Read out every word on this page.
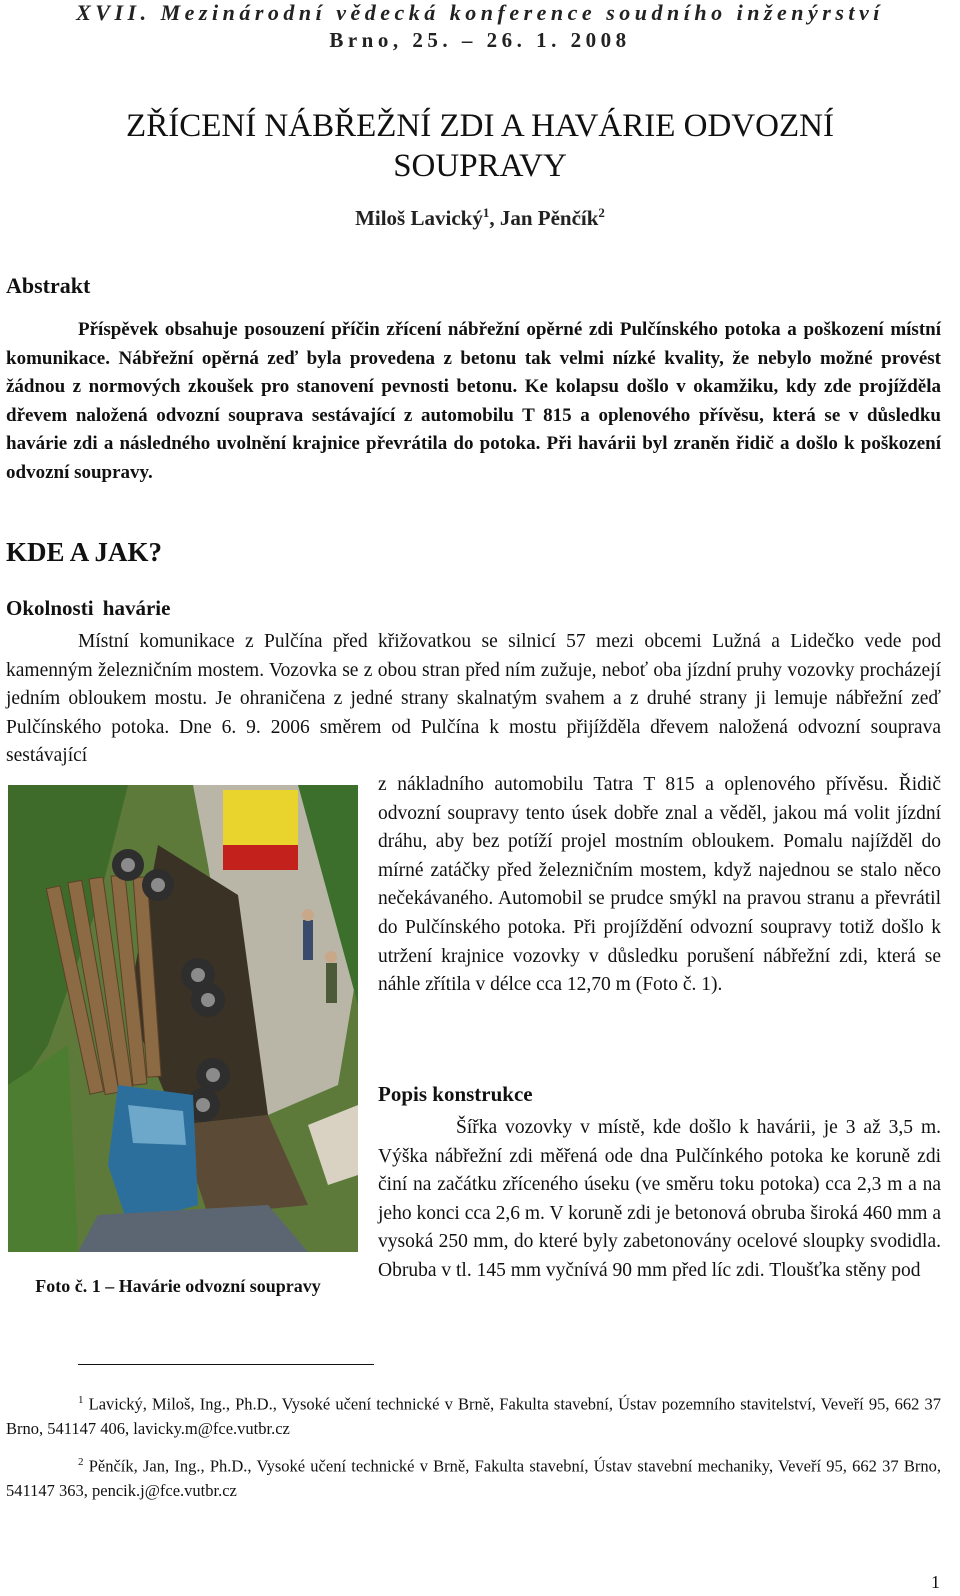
XVII. Mezinárodní vědecká konference soudního inženýrství
Brno, 25. – 26. 1. 2008
ZŘÍCENÍ NÁBŘEŽNÍ ZDI A HAVÁRIE ODVOZNÍ SOUPRAVY
Miloš Lavický$^1$, Jan Pěnčík$^2$
Abstrakt
Příspěvek obsahuje posouzení příčin zřícení nábřežní opěrné zdi Pulčínského potoka a poškození místní komunikace. Nábřežní opěrná zeď byla provedena z betonu tak velmi nízké kvality, že nebylo možné provést žádnou z normových zkoušek pro stanovení pevnosti betonu. Ke kolapsu došlo v okamžiku, kdy zde projížděla dřevem naložená odvozní souprava sestávající z automobilu T 815 a oplenového přívěsu, která se v důsledku havárie zdi a následného uvolnění krajnice převrátila do potoka. Při havárii byl zraněn řidič a došlo k poškození odvozní soupravy.
KDE A JAK?
Okolnosti havárie
Místní komunikace z Pulčína před křižovatkou se silnicí 57 mezi obcemi Lužná a Lidečko vede pod kamenným železničním mostem. Vozovka se z obou stran před ním zužuje, neboť oba jízdní pruhy vozovky procházejí jedním obloukem mostu. Je ohraničena z jedné strany skalnatým svahem a z druhé strany ji lemuje nábřežní zeď Pulčínského potoka. Dne 6. 9. 2006 směrem od Pulčína k mostu přijížděla dřevem naložená odvozní souprava sestávající
Foto č. 1 – Havárie odvozní soupravy
z nákladního automobilu Tatra T 815 a oplenového přívěsu. Řidič odvozní soupravy tento úsek dobře znal a věděl, jakou má volit jízdní dráhu, aby bez potíží projel mostním obloukem. Pomalu najížděl do mírné zatáčky před železničním mostem, když najednou se stalo něco nečekávaného. Automobil se prudce smýkl na pravou stranu a převrátil do Pulčínského potoka. Při projíždění odvozní soupravy totiž došlo k utržení krajnice vozovky v důsledku porušení nábřežní zdi, která se náhle zřítila v délce cca 12,70 m (Foto č. 1).
Popis konstrukce
Šířka vozovky v místě, kde došlo k havárii, je 3 až 3,5 m. Výška nábřežní zdi měřená ode dna Pulčínkého potoka ke koruně zdi činí na začátku zříceného úseku (ve směru toku potoka) cca 2,3 m a na jeho konci cca 2,6 m. V koruně zdi je betonová obruba široká 460 mm a vysoká 250 mm, do které byly zabetonovány ocelové sloupky svodidla. Obruba v tl. 145 mm vyčnívá 90 mm před líc zdi. Tloušťka stěny pod
$^1$ Lavický, Miloš, Ing., Ph.D., Vysoké učení technické v Brně, Fakulta stavební, Ústav pozemního stavitelství, Veveří 95, 662 37 Brno, 541147 406, lavicky.m@fce.vutbr.cz
$^2$ Pěnčík, Jan, Ing., Ph.D., Vysoké učení technické v Brně, Fakulta stavební, Ústav stavební mechaniky, Veveří 95, 662 37 Brno, 541147 363, pencik.j@fce.vutbr.cz
1
